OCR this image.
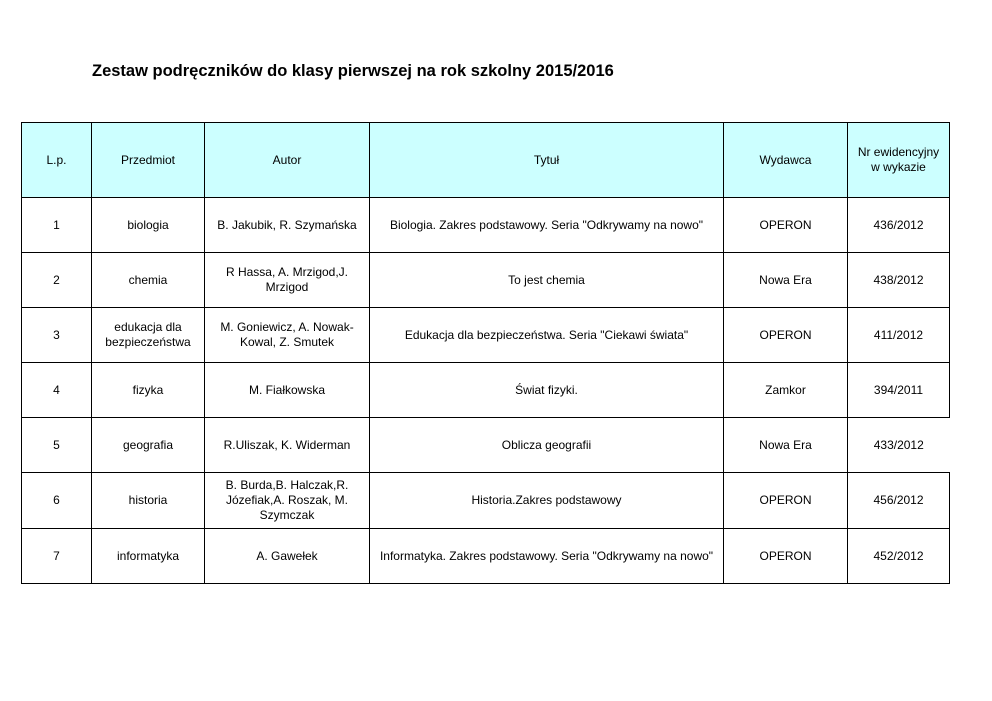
Zestaw podręczników do klasy pierwszej na rok szkolny 2015/2016
L.p.	Przedmiot	Autor	Tytuł	Wydawca	Nr ewidencyjny w wykazie
1	biologia	B. Jakubik, R. Szymańska	Biologia. Zakres podstawowy. Seria "Odkrywamy na nowo"	OPERON	436/2012
2	chemia	R Hassa, A. Mrzigod,J. Mrzigod	To jest chemia	Nowa Era	438/2012
3	edukacja dla bezpieczeństwa	M. Goniewicz, A. Nowak-Kowal, Z. Smutek	Edukacja dla bezpieczeństwa. Seria "Ciekawi świata"	OPERON	411/2012
4	fizyka	M. Fiałkowska	Świat fizyki.	Zamkor	394/2011
5	geografia	R.Uliszak, K. Widerman	Oblicza geografii	Nowa Era	433/2012
6	historia	B. Burda,B. Halczak,R. Józefiak,A. Roszak, M. Szymczak	Historia.Zakres podstawowy	OPERON	456/2012
7	informatyka	A. Gawełek	Informatyka. Zakres podstawowy. Seria "Odkrywamy na nowo"	OPERON	452/2012
